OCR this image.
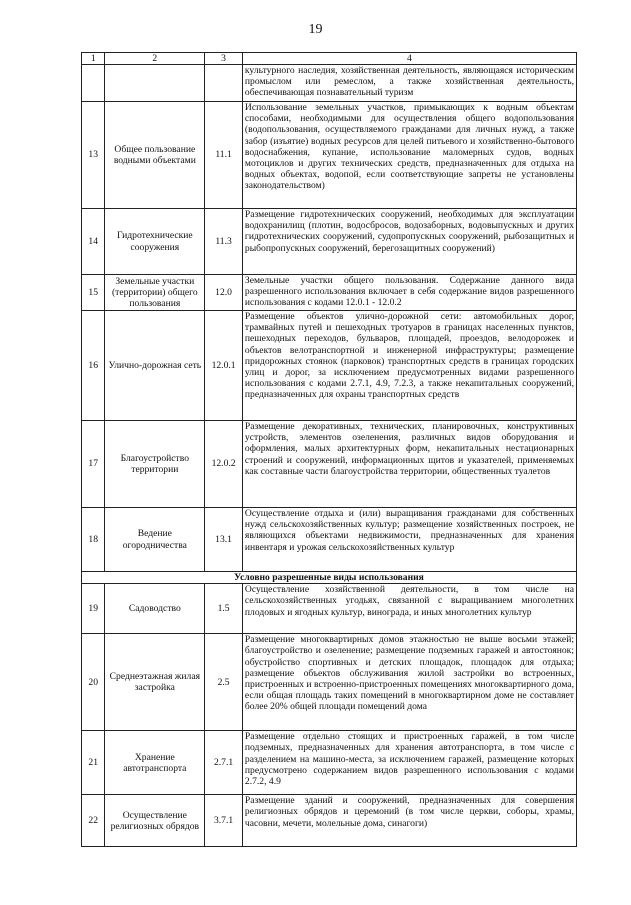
19
1	2	3	4
			культурного наследия, хозяйственная деятельность, являющаяся историческим промыслом или ремеслом, а также хозяйственная деятельность, обеспечивающая познавательный туризм
13	Общее пользование водными объектами	11.1	Использование земельных участков, примыкающих к водным объектам способами, необходимыми для осуществления общего водопользования (водопользования, осуществляемого гражданами для личных нужд, а также забор (изъятие) водных ресурсов для целей питьевого и хозяйственно-бытового водоснабжения, купание, использование маломерных судов, водных мотоциклов и других технических средств, предназначенных для отдыха на водных объектах, водопой, если соответствующие запреты не установлены законодательством)
14	Гидротехнические сооружения	11.3	Размещение гидротехнических сооружений, необходимых для эксплуатации водохранилищ (плотин, водосбросов, водозаборных, водовыпускных и других гидротехнических сооружений, судопропускных сооружений, рыбозащитных и рыбопропускных сооружений, берегозащитных сооружений)
15	Земельные участки (территории) общего пользования	12.0	Земельные участки общего пользования. Содержание данного вида разрешенного использования включает в себя содержание видов разрешенного использования с кодами 12.0.1 - 12.0.2
16	Улично-дорожная сеть	12.0.1	Размещение объектов улично-дорожной сети: автомобильных дорог, трамвайных путей и пешеходных тротуаров в границах населенных пунктов, пешеходных переходов, бульваров, площадей, проездов, велодорожек и объектов велотранспортной и инженерной инфраструктуры; размещение придорожных стоянок (парковок) транспортных средств в границах городских улиц и дорог, за исключением предусмотренных видами разрешенного использования с кодами 2.7.1, 4.9, 7.2.3, а также некапитальных сооружений, предназначенных для охраны транспортных средств
17	Благоустройство территории	12.0.2	Размещение декоративных, технических, планировочных, конструктивных устройств, элементов озеленения, различных видов оборудования и оформления, малых архитектурных форм, некапитальных нестационарных строений и сооружений, информационных щитов и указателей, применяемых как составные части благоустройства территории, общественных туалетов
18	Ведение огородничества	13.1	Осуществление отдыха и (или) выращивания гражданами для собственных нужд сельскохозяйственных культур; размещение хозяйственных построек, не являющихся объектами недвижимости, предназначенных для хранения инвентаря и урожая сельскохозяйственных культур
Условно разрешенные виды использования			
19	Садоводство	1.5	Осуществление хозяйственной деятельности, в том числе на сельскохозяйственных угодьях, связанной с выращиванием многолетних плодовых и ягодных культур, винограда, и иных многолетних культур
20	Среднеэтажная жилая застройка	2.5	Размещение многоквартирных домов этажностью не выше восьми этажей; благоустройство и озеленение; размещение подземных гаражей и автостоянок; обустройство спортивных и детских площадок, площадок для отдыха; размещение объектов обслуживания жилой застройки во встроенных, пристроенных и встроенно-пристроенных помещениях многоквартирного дома, если общая площадь таких помещений в многоквартирном доме не составляет более 20% общей площади помещений дома
21	Хранение автотранспорта	2.7.1	Размещение отдельно стоящих и пристроенных гаражей, в том числе подземных, предназначенных для хранения автотранспорта, в том числе с разделением на машино-места, за исключением гаражей, размещение которых предусмотрено содержанием видов разрешенного использования с кодами 2.7.2, 4.9
22	Осуществление религиозных обрядов	3.7.1	Размещение зданий и сооружений, предназначенных для совершения религиозных обрядов и церемоний (в том числе церкви, соборы, храмы, часовни, мечети, молельные дома, синагоги)
